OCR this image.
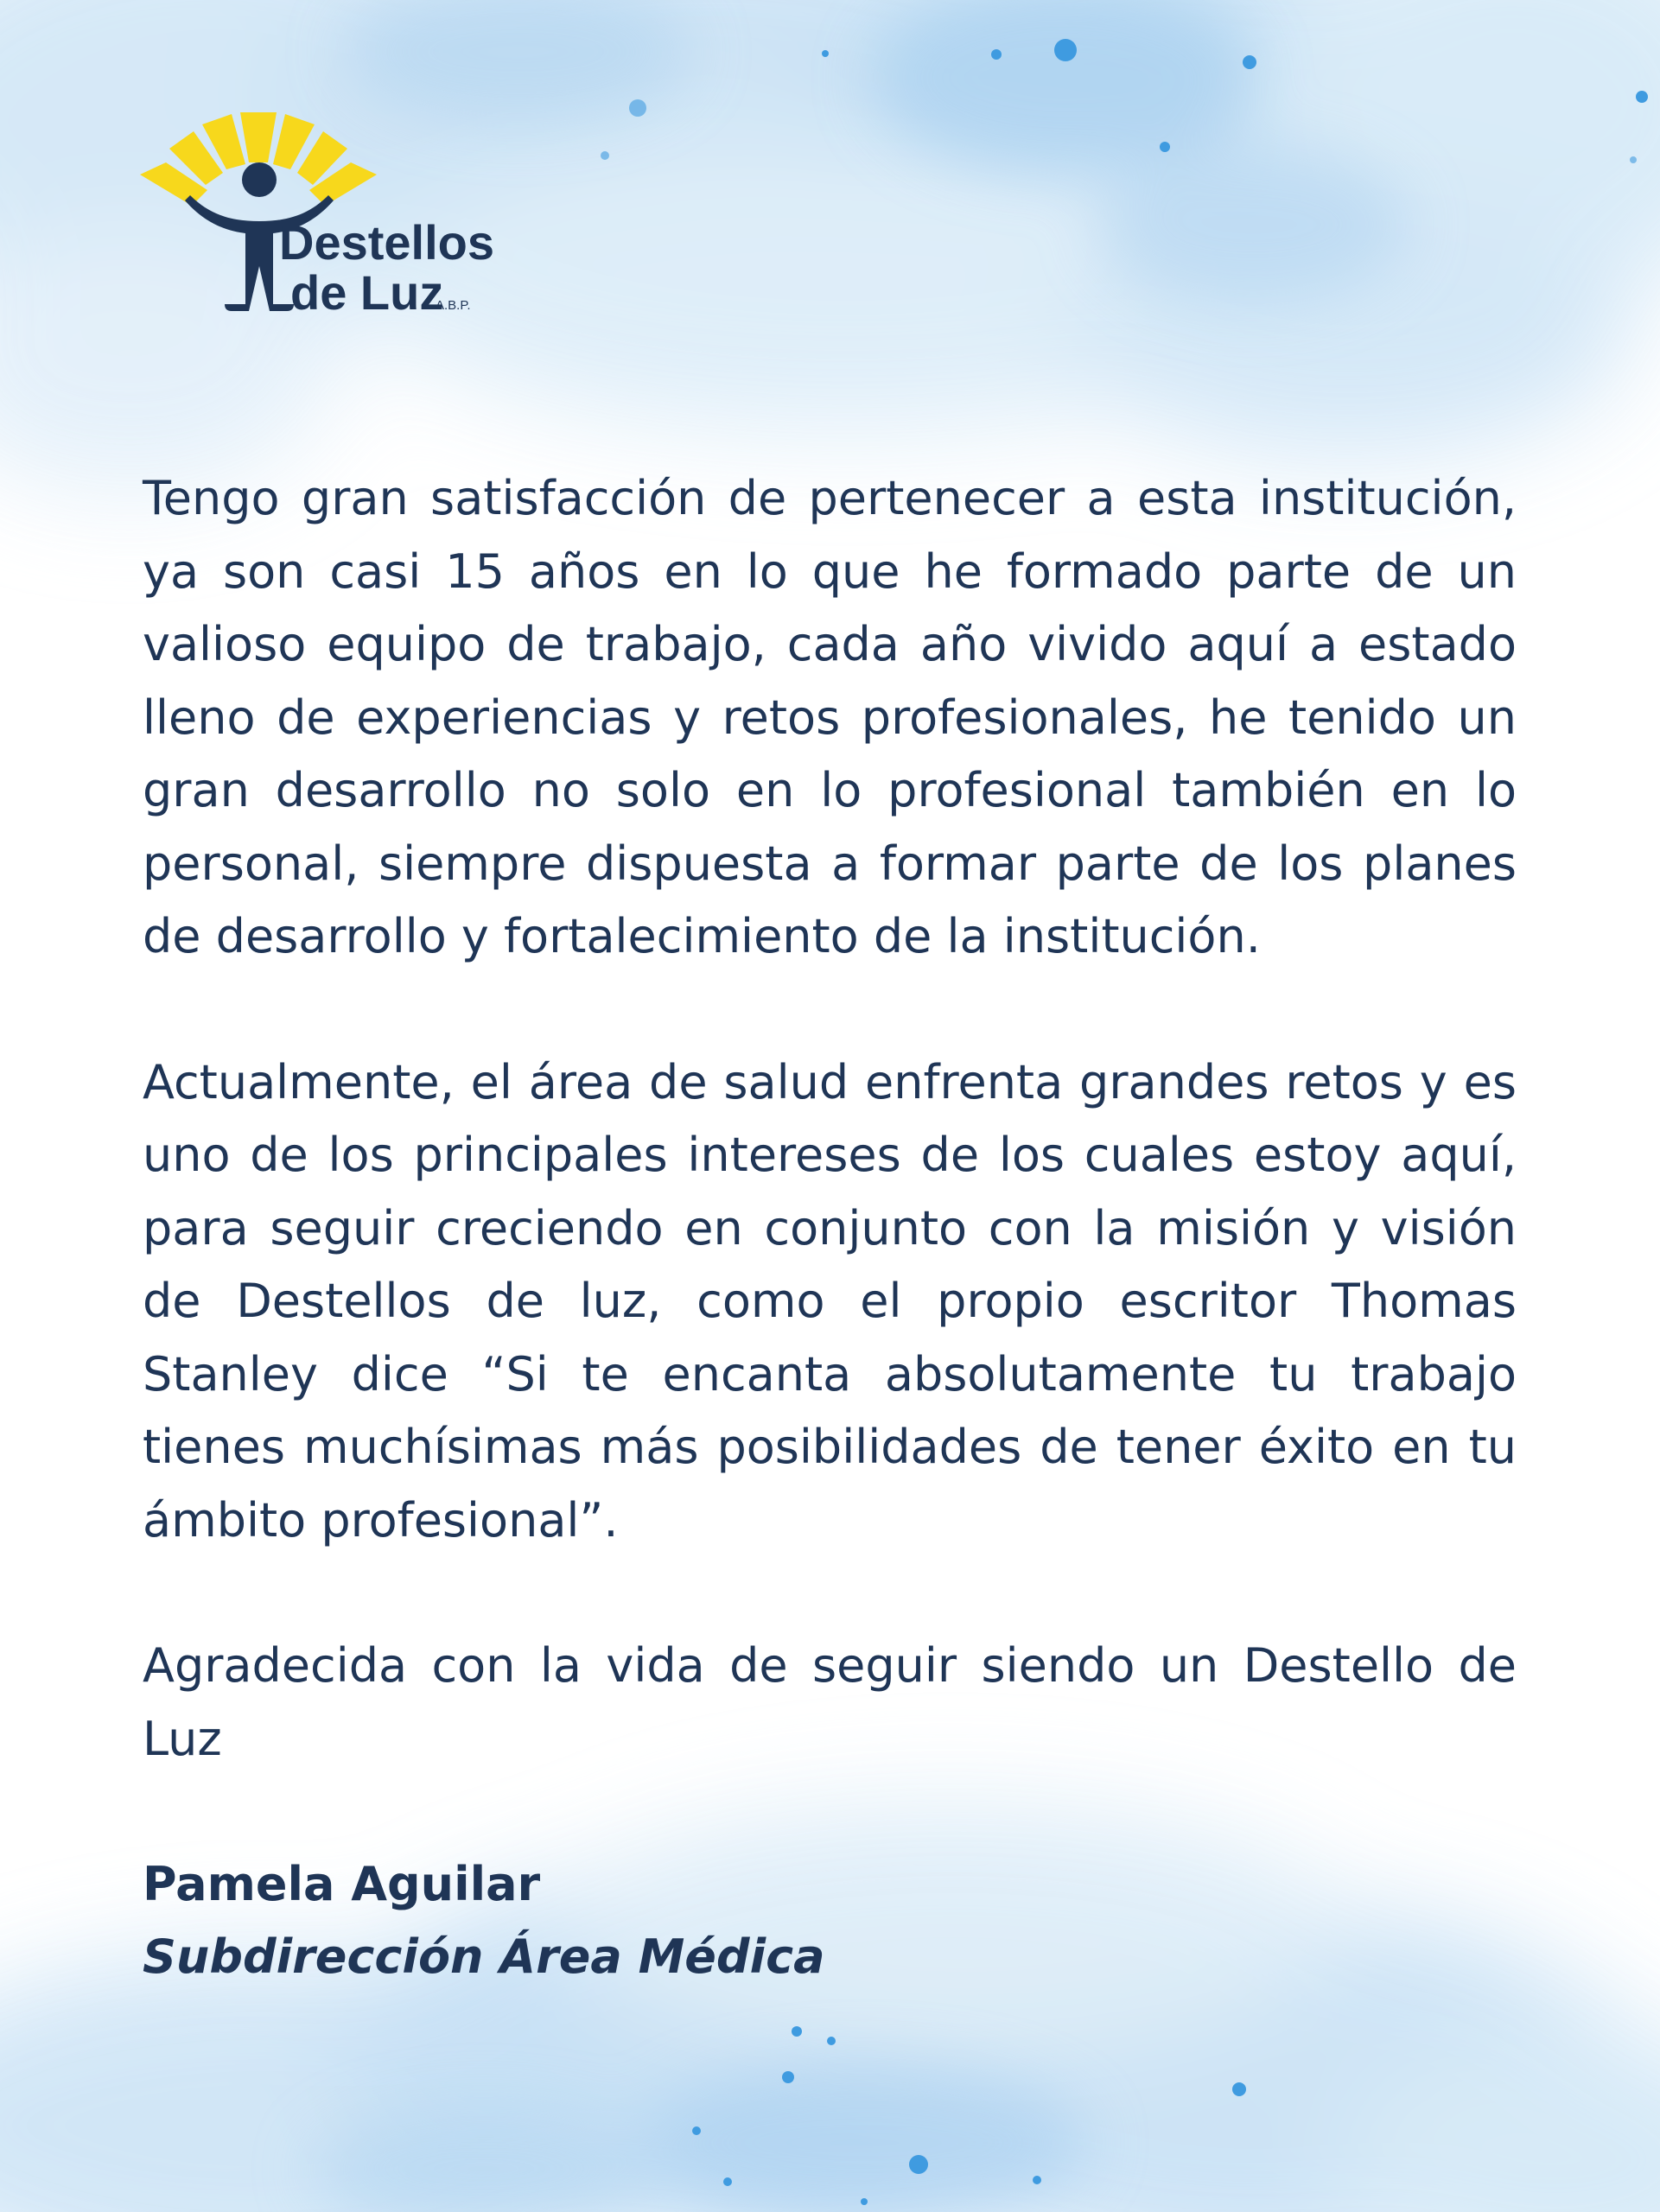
Destellos
de Luz
A.B.P.

Tengo gran satisfacción de pertenecer a esta institución, ya son casi 15 años en lo que he formado parte de un valioso equipo de trabajo, cada año vivido aquí a estado lleno de experiencias y retos profesionales, he tenido un gran desarrollo no solo en lo profesional también en lo personal, siempre dispuesta a formar parte de los planes de desarrollo y fortalecimiento de la institución.

Actualmente, el área de salud enfrenta grandes retos y es uno de los principales intereses de los cuales estoy aquí, para seguir creciendo en conjunto con la misión y visión de Destellos de luz, como el propio escritor Thomas Stanley dice “Si te encanta absolutamente tu trabajo tienes muchísimas más posibilidades de tener éxito en tu ámbito profesional”.

Agradecida con la vida de seguir siendo un Destello de Luz

Pamela Aguilar

Subdirección Área Médica
